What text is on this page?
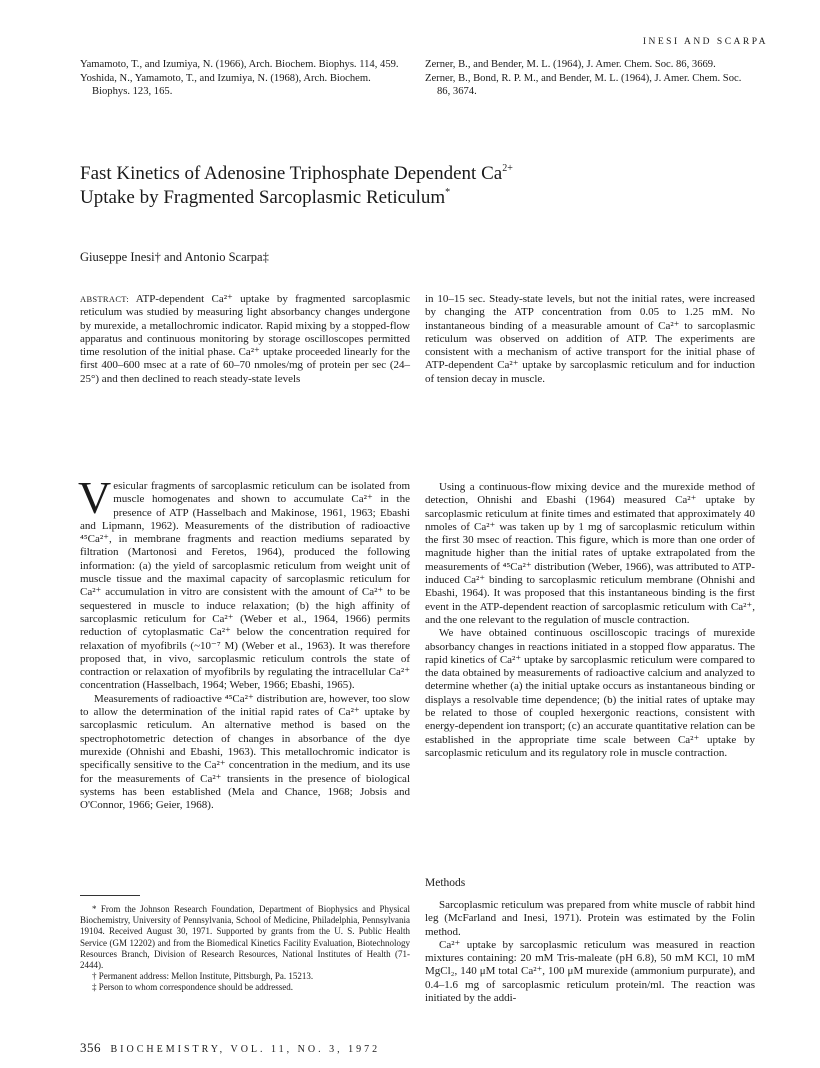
INESI AND SCARPA

Yamamoto, T., and Izumiya, N. (1966), Arch. Biochem. Biophys. 114, 459.

Yoshida, N., Yamamoto, T., and Izumiya, N. (1968), Arch. Biochem. Biophys. 123, 165.

Zerner, B., and Bender, M. L. (1964), J. Amer. Chem. Soc. 86, 3669.

Zerner, B., Bond, R. P. M., and Bender, M. L. (1964), J. Amer. Chem. Soc. 86, 3674.

Fast Kinetics of Adenosine Triphosphate Dependent $Ca^{2+}$
Uptake by Fragmented Sarcoplasmic Reticulum*
Giuseppe Inesi† and Antonio Scarpa‡

ABSTRACT: ATP-dependent Ca²⁺ uptake by fragmented sarcoplasmic reticulum was studied by measuring light absorbancy changes undergone by murexide, a metallochromic indicator. Rapid mixing by a stopped-flow apparatus and continuous monitoring by storage oscilloscopes permitted time resolution of the initial phase. Ca²⁺ uptake proceeded linearly for the first 400–600 msec at a rate of 60–70 nmoles/mg of protein per sec (24–25°) and then declined to reach steady-state levels

in 10–15 sec. Steady-state levels, but not the initial rates, were increased by changing the ATP concentration from 0.05 to 1.25 mM. No instantaneous binding of a measurable amount of Ca²⁺ to sarcoplasmic reticulum was observed on addition of ATP. The experiments are consistent with a mechanism of active transport for the initial phase of ATP-dependent Ca²⁺ uptake by sarcoplasmic reticulum and for induction of tension decay in muscle.

Vesicular fragments of sarcoplasmic reticulum can be isolated from muscle homogenates and shown to accumulate Ca²⁺ in the presence of ATP (Hasselbach and Makinose, 1961, 1963; Ebashi and Lipmann, 1962). Measurements of the distribution of radioactive ⁴⁵Ca²⁺, in membrane fragments and reaction mediums separated by filtration (Martonosi and Feretos, 1964), produced the following information: (a) the yield of sarcoplasmic reticulum from weight unit of muscle tissue and the maximal capacity of sarcoplasmic reticulum for Ca²⁺ accumulation in vitro are consistent with the amount of Ca²⁺ to be sequestered in muscle to induce relaxation; (b) the high affinity of sarcoplasmic reticulum for Ca²⁺ (Weber et al., 1964, 1966) permits reduction of cytoplasmatic Ca²⁺ below the concentration required for relaxation of myofibrils (~10⁻⁷ M) (Weber et al., 1963). It was therefore proposed that, in vivo, sarcoplasmic reticulum controls the state of contraction or relaxation of myofibrils by regulating the intracellular Ca²⁺ concentration (Hasselbach, 1964; Weber, 1966; Ebashi, 1965).

Measurements of radioactive ⁴⁵Ca²⁺ distribution are, however, too slow to allow the determination of the initial rapid rates of Ca²⁺ uptake by sarcoplasmic reticulum. An alternative method is based on the spectrophotometric detection of changes in absorbance of the dye murexide (Ohnishi and Ebashi, 1963). This metallochromic indicator is specifically sensitive to the Ca²⁺ concentration in the medium, and its use for the measurements of Ca²⁺ transients in the presence of biological systems has been established (Mela and Chance, 1968; Jobsis and O'Connor, 1966; Geier, 1968).

Using a continuous-flow mixing device and the murexide method of detection, Ohnishi and Ebashi (1964) measured Ca²⁺ uptake by sarcoplasmic reticulum at finite times and estimated that approximately 40 nmoles of Ca²⁺ was taken up by 1 mg of sarcoplasmic reticulum within the first 30 msec of reaction. This figure, which is more than one order of magnitude higher than the initial rates of uptake extrapolated from the measurements of ⁴⁵Ca²⁺ distribution (Weber, 1966), was attributed to ATP-induced Ca²⁺ binding to sarcoplasmic reticulum membrane (Ohnishi and Ebashi, 1964). It was proposed that this instantaneous binding is the first event in the ATP-dependent reaction of sarcoplasmic reticulum with Ca²⁺, and the one relevant to the regulation of muscle contraction.

We have obtained continuous oscilloscopic tracings of murexide absorbancy changes in reactions initiated in a stopped flow apparatus. The rapid kinetics of Ca²⁺ uptake by sarcoplasmic reticulum were compared to the data obtained by measurements of radioactive calcium and analyzed to determine whether (a) the initial uptake occurs as instantaneous binding or displays a resolvable time dependence; (b) the initial rates of uptake may be related to those of coupled hexergonic reactions, consistent with energy-dependent ion transport; (c) an accurate quantitative relation can be established in the appropriate time scale between Ca²⁺ uptake by sarcoplasmic reticulum and its regulatory role in muscle contraction.

Methods

Sarcoplasmic reticulum was prepared from white muscle of rabbit hind leg (McFarland and Inesi, 1971). Protein was estimated by the Folin method.

Ca²⁺ uptake by sarcoplasmic reticulum was measured in reaction mixtures containing: 20 mM Tris-maleate (pH 6.8), 50 mM KCl, 10 mM MgCl₂, 140 μM total Ca²⁺, 100 μM murexide (ammonium purpurate), and 0.4–1.6 mg of sarcoplasmic reticulum protein/ml. The reaction was initiated by the addi-

* From the Johnson Research Foundation, Department of Biophysics and Physical Biochemistry, University of Pennsylvania, School of Medicine, Philadelphia, Pennsylvania 19104. Received August 30, 1971. Supported by grants from the U. S. Public Health Service (GM 12202) and from the Biomedical Kinetics Facility Evaluation, Biotechnology Resources Branch, Division of Research Resources, National Institutes of Health (71-2444).

† Permanent address: Mellon Institute, Pittsburgh, Pa. 15213.

‡ Person to whom correspondence should be addressed.

356 BIOCHEMISTRY, VOL. 11, NO. 3, 1972
